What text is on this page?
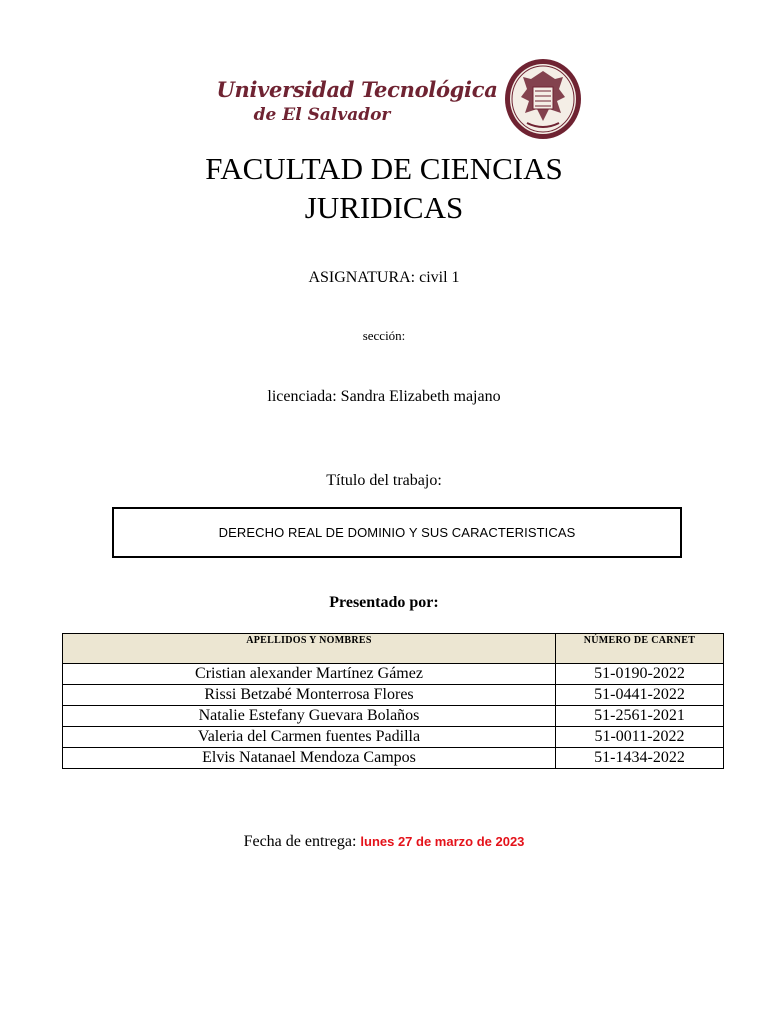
Universidad Tecnológica
de El Salvador
FACULTAD DE CIENCIAS
JURIDICAS
ASIGNATURA: civil 1
sección:
licenciada: Sandra Elizabeth majano
Título del trabajo:
DERECHO REAL DE DOMINIO Y SUS CARACTERISTICAS
Presentado por:
APELLIDOS Y NOMBRES	NÚMERO DE CARNET
Cristian alexander Martínez Gámez	51-0190-2022
Rissi Betzabé Monterrosa Flores	51-0441-2022
Natalie Estefany Guevara Bolaños	51-2561-2021
Valeria del Carmen fuentes Padilla	51-0011-2022
Elvis Natanael Mendoza Campos	51-1434-2022
Fecha de entrega: lunes 27 de marzo de 2023
